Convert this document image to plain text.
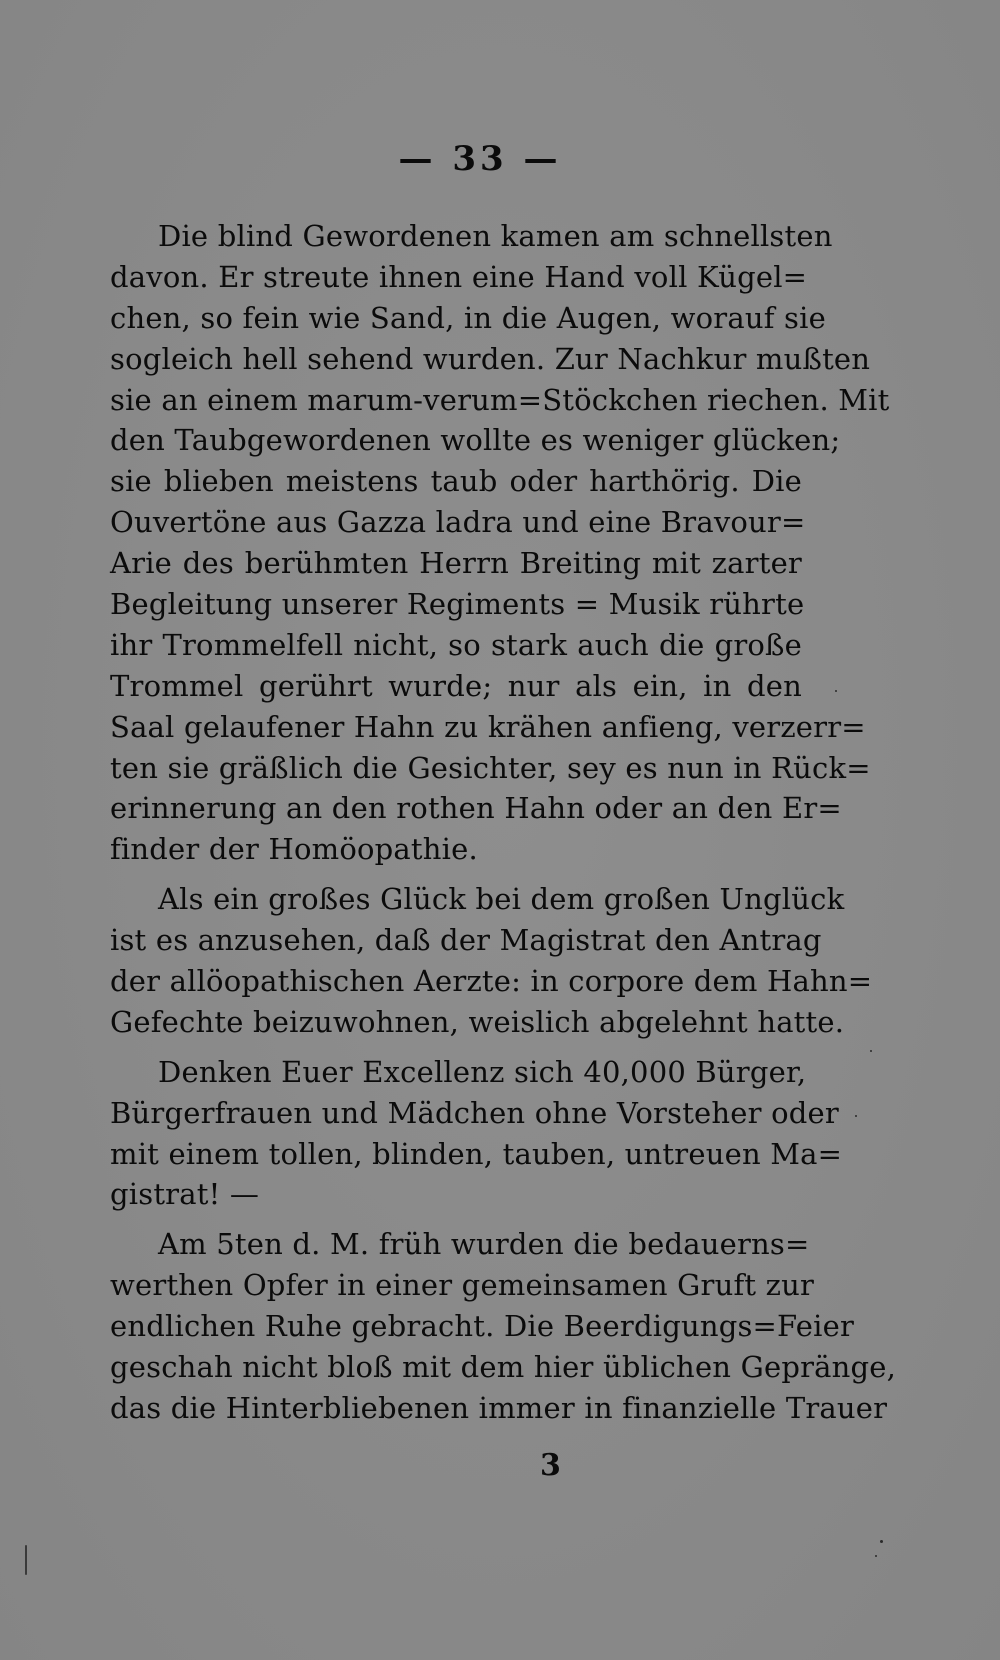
— 33 —
Die blind Gewordenen kamen am schnellsten
davon. Er streute ihnen eine Hand voll Kügel=
chen, so fein wie Sand, in die Augen, worauf sie
sogleich hell sehend wurden. Zur Nachkur mußten
sie an einem marum-verum=Stöckchen riechen. Mit
den Taubgewordenen wollte es weniger glücken;
sie blieben meistens taub oder harthörig. Die
Ouvertöne aus Gazza ladra und eine Bravour=
Arie des berühmten Herrn Breiting mit zarter
Begleitung unserer Regiments = Musik rührte
ihr Trommelfell nicht, so stark auch die große
Trommel gerührt wurde; nur als ein, in den
Saal gelaufener Hahn zu krähen anfieng, verzerr=
ten sie gräßlich die Gesichter, sey es nun in Rück=
erinnerung an den rothen Hahn oder an den Er=
finder der Homöopathie.
Als ein großes Glück bei dem großen Unglück
ist es anzusehen, daß der Magistrat den Antrag
der allöopathischen Aerzte: in corpore dem Hahn=
Gefechte beizuwohnen, weislich abgelehnt hatte.
Denken Euer Excellenz sich 40,000 Bürger,
Bürgerfrauen und Mädchen ohne Vorsteher oder
mit einem tollen, blinden, tauben, untreuen Ma=
gistrat! —
Am 5ten d. M. früh wurden die bedauerns=
werthen Opfer in einer gemeinsamen Gruft zur
endlichen Ruhe gebracht. Die Beerdigungs=Feier
geschah nicht bloß mit dem hier üblichen Gepränge,
das die Hinterbliebenen immer in finanzielle Trauer
3
